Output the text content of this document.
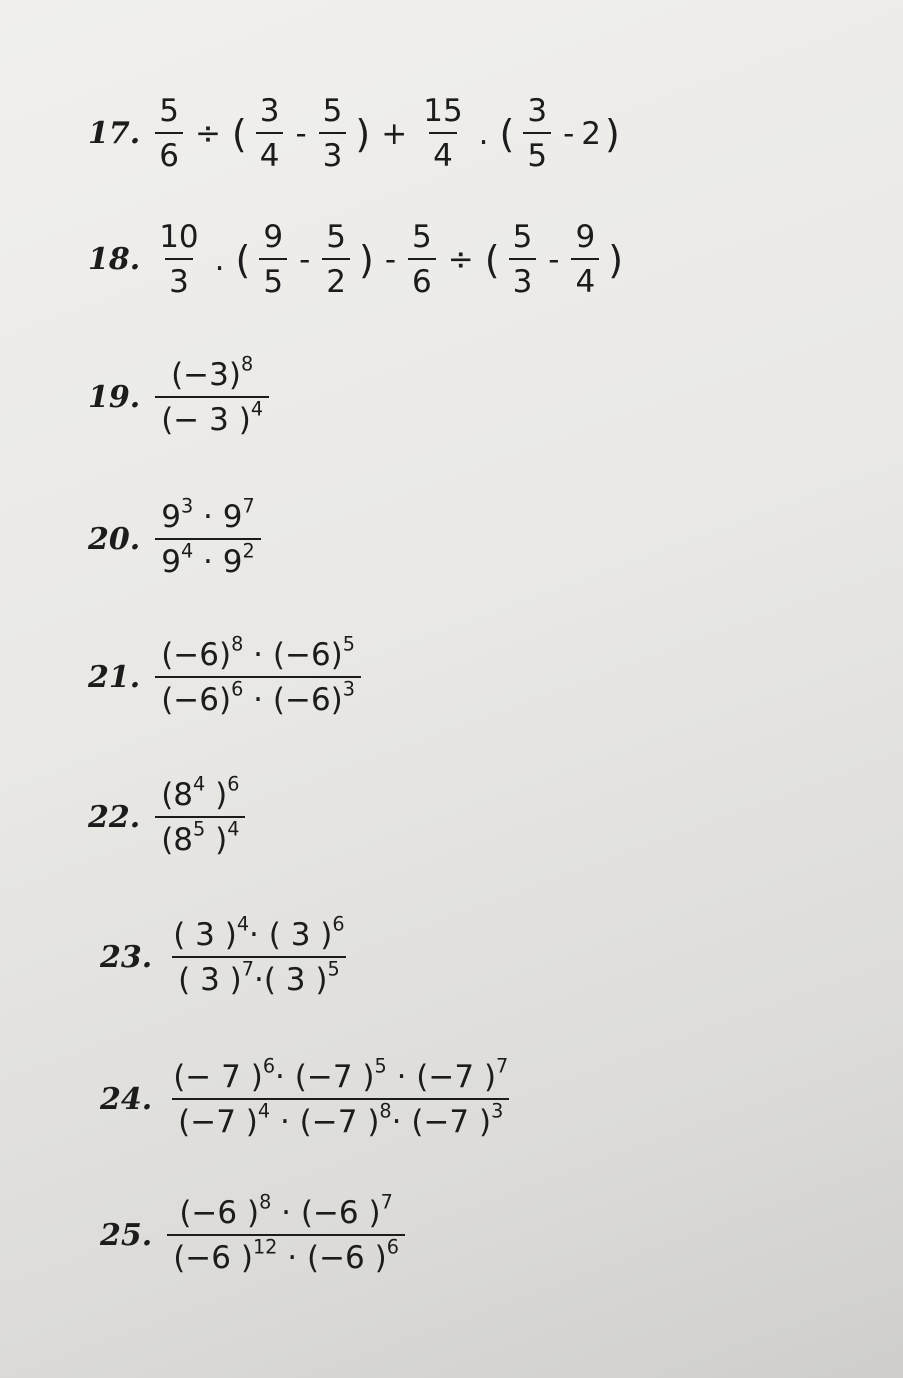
17. $\frac{5}{6}$ ÷ ( $\frac{3}{4} - \frac{5}{3}$ ) + $\frac{15}{4}$ . ( $\frac{3}{5} - 2$ )
18. $\frac{10}{3}$ . ( $\frac{9}{5} - \frac{5}{2}$ ) - $\frac{5}{6}$ ÷ ( $\frac{5}{3} - \frac{9}{4}$ )
19. $\frac{(-3)^8}{(- 3 )^4}$
20. $\frac{9^3 \cdot 9^7}{9^4 \cdot 9^2}$
21. $\frac{(-6)^8 \cdot (-6)^5}{(-6)^6 \cdot (-6)^3}$
22. $\frac{(8^4 )^6}{(8^5 )^4}$
23. $\frac{( 3 )^4\cdot ( 3 )^6}{( 3 )^7\cdot( 3 )^5}$
24. $\frac{(- 7 )^6\cdot (-7 )^5 \cdot (-7 )^7}{(-7 )^4 \cdot (-7 )^8\cdot (-7 )^3}$
25. $\frac{(-6 )^8 \cdot (-6 )^7}{(-6 )^{12} \cdot (-6 )^6}$
